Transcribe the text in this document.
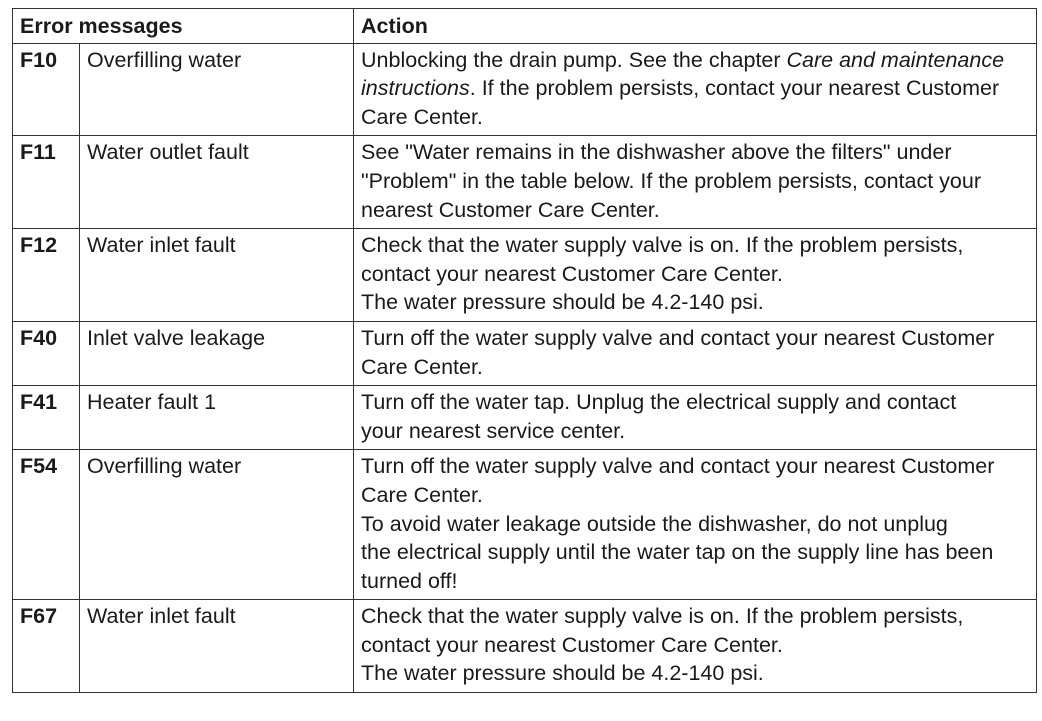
Error messages		Action
F10	Overfilling water	Unblocking the drain pump. See the chapter Care and maintenance
instructions. If the problem persists, contact your nearest Customer
Care Center.

F11	Water outlet fault	See "Water remains in the dishwasher above the filters" under
"Problem" in the table below. If the problem persists, contact your
nearest Customer Care Center.

F12	Water inlet fault	Check that the water supply valve is on. If the problem persists,
contact your nearest Customer Care Center.
The water pressure should be 4.2-140 psi.

F40	Inlet valve leakage	Turn off the water supply valve and contact your nearest Customer
Care Center.

F41	Heater fault 1	Turn off the water tap. Unplug the electrical supply and contact
your nearest service center.

F54	Overfilling water	Turn off the water supply valve and contact your nearest Customer
Care Center.
To avoid water leakage outside the dishwasher, do not unplug
the electrical supply until the water tap on the supply line has been
turned off!

F67	Water inlet fault	Check that the water supply valve is on. If the problem persists,
contact your nearest Customer Care Center.
The water pressure should be 4.2-140 psi.
